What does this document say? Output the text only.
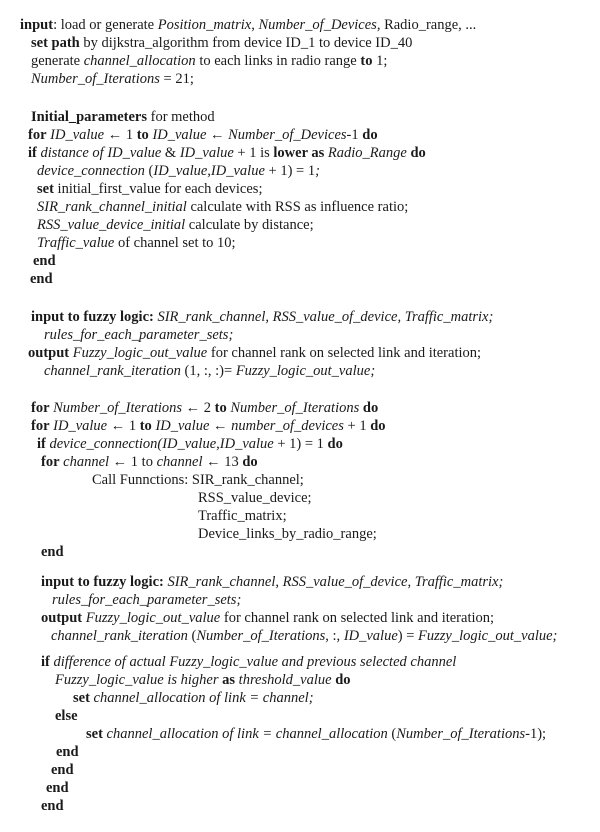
input: load or generate Position_matrix, Number_of_Devices, Radio_range, ...
set path by dijkstra_algorithm from device ID_1 to device ID_40
generate channel_allocation to each links in radio range to 1;
Number_of_Iterations = 21;
Initial_parameters for method
for ID_value ← 1 to ID_value ← Number_of_Devices-1 do
if distance of ID_value & ID_value + 1 is lower as Radio_Range do
device_connection (ID_value,ID_value + 1) = 1;
set initial_first_value for each devices;
SIR_rank_channel_initial calculate with RSS as influence ratio;
RSS_value_device_initial calculate by distance;
Traffic_value of channel set to 10;
end
end
input to fuzzy logic: SIR_rank_channel, RSS_value_of_device, Traffic_matrix;
rules_for_each_parameter_sets;
output Fuzzy_logic_out_value for channel rank on selected link and iteration;
channel_rank_iteration (1, :, :)= Fuzzy_logic_out_value;
for Number_of_Iterations ← 2 to Number_of_Iterations do
for ID_value ← 1 to ID_value ← number_of_devices + 1 do
if device_connection(ID_value,ID_value + 1) = 1 do
for channel ← 1 to channel ← 13 do
Call Funnctions: SIR_rank_channel;
RSS_value_device;
Traffic_matrix;
Device_links_by_radio_range;
end
input to fuzzy logic: SIR_rank_channel, RSS_value_of_device, Traffic_matrix;
rules_for_each_parameter_sets;
output Fuzzy_logic_out_value for channel rank on selected link and iteration;
channel_rank_iteration (Number_of_Iterations, :, ID_value) = Fuzzy_logic_out_value;
if difference of actual Fuzzy_logic_value and previous selected channel
Fuzzy_logic_value is higher as threshold_value do
set channel_allocation of link = channel;
else
set channel_allocation of link = channel_allocation (Number_of_Iterations-1);
end
end
end
end
